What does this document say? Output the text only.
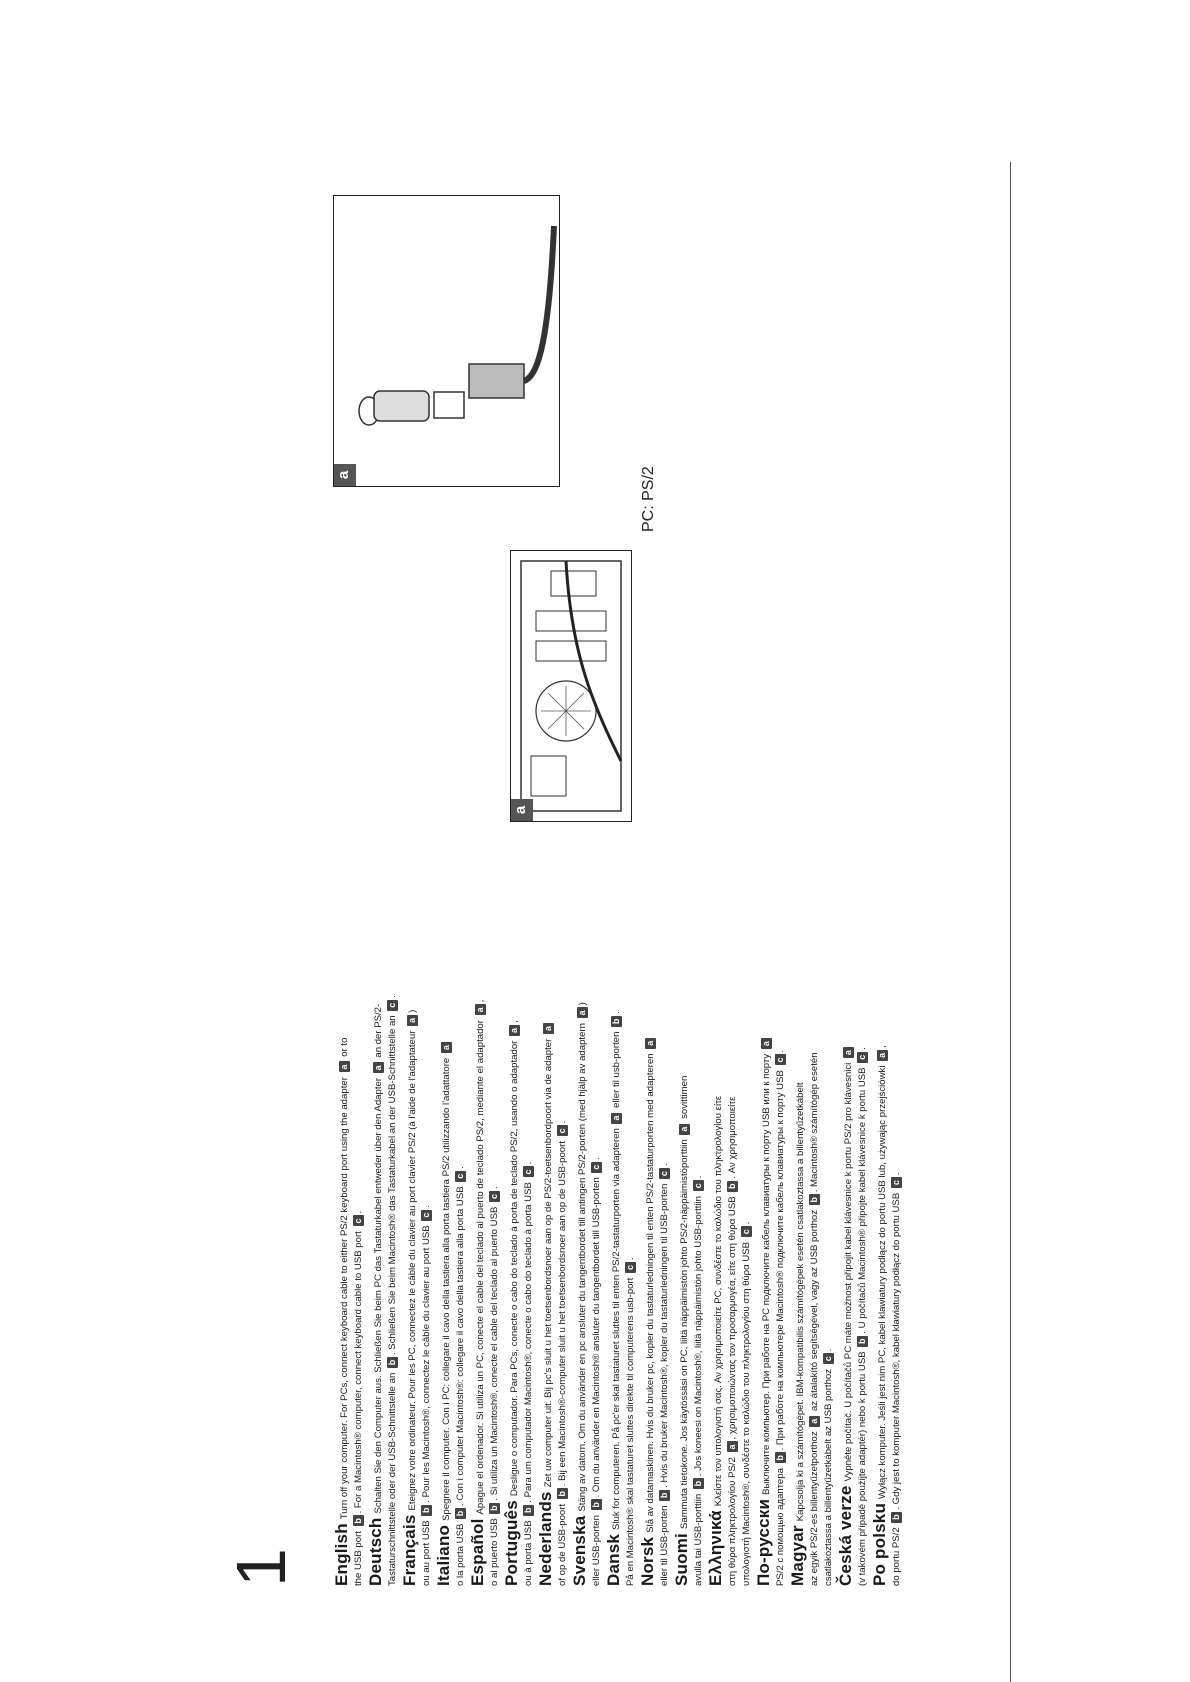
1 EnglishTurn off your computer. For PCs, connect keyboard cable to either PS/2 keyboard port using the adapter a or to
the USB port b. For a Macintosh® computer, connect keyboard cable to USB port c.
DeutschSchalten Sie den Computer aus. Schließen Sie beim PC das Tastaturkabel entweder über den Adapter a an der PS/2-
Tastaturschnittstelle oder der USB-Schnittstelle an b. Schließen Sie beim Macintosh® das Tastaturkabel an der USB-Schnittstelle an c.
FrançaisEteignez votre ordinateur. Pour les PC, connectez le câble du clavier au port clavier PS/2 (à l'aide de l'adaptateur a)
ou au port USB b. Pour les Macintosh®, connectez le câble du clavier au port USB c.
ItalianoSpegnere il computer. Con i PC: collegare il cavo della tastiera alla porta tastiera PS/2 utilizzando l'adattatore a
o la porta USB b. Con i computer Macintosh®: collegare il cavo della tastiera alla porta USB c.
EspañolApague el ordenador. Si utiliza un PC, conecte el cable del teclado al puerto de teclado PS/2, mediante el adaptador a,
o al puerto USB b. Si utiliza un Macintosh®, conecte el cable del teclado al puerto USB c.
PortuguêsDesligue o computador. Para PCs, conecte o cabo do teclado à porta de teclado PS/2, usando o adaptador a,
ou à porta USB b. Para um computador Macintosh®, conecte o cabo do teclado à porta USB c.
NederlandsZet uw computer uit. Bij pc's sluit u het toetsenbordsnoer aan op de PS/2-toetsenbordpoort via de adapter a
of op de USB-poort b. Bij een Macintosh®-computer sluit u het toetsenbordsnoer aan op de USB-poort c.
SvenskaStäng av datorn. Om du använder en pc ansluter du tangentbordet till antingen PS/2-porten (med hjälp av adaptern a)
eller USB-porten b. Om du använder en Macintosh® ansluter du tangentbordet till USB-porten c.
DanskSluk for computeren. På pc'er skal tastaturet sluttes til enten PS/2-tastaturporten via adapteren a eller til usb-porten b.
På en Macintosh® skal tastaturet sluttes direkte til computerens usb-port c.
NorskSlå av datamaskinen. Hvis du bruker pc, kopler du tastaturledningen til enten PS/2-tastaturporten med adapteren a
eller til USB-porten b. Hvis du bruker Macintosh®, kopler du tastaturledningen til USB-porten c.
SuomiSammuta tietokone. Jos käytössäsi on PC, liitä näppäimistön johto PS/2-näppäimistöporttiin a sovittimen
avulla tai USB-porttiin b. Jos koneesi on Macintosh®, liitä näppäimistön johto USB-porttiin c.
ΕλληνικάΚλείστε τον υπολογιστή σας. Αν χρησιμοποιείτε PC, συνδέστε το καλώδιο του πληκτρολογίου είτε
στη θύρα πληκτρολογίου PS/2 a, χρησιμοποιώντας τον προσαρμογέα, είτε στη θύρα USB b. Αν χρησιμοποιείτε
υπολογιστή Macintosh®, συνδέστε το καλώδιο του πληκτρολογίου στη θύρα USB c.
По-русскиВыключите компьютер. При работе на PC подключите кабель клавиатуры к порту USB или к порту a
PS/2 с помощью адаптера b. При работе на компьютере Macintosh® подключите кабель клавиатуры к порту USB c.
MagyarKapcsolja ki a számítógépet. IBM-kompatibilis számítógépek esetén csatlakoztassa a billentyűzetkábelt az egyik PS/2-es billentyűzetporthoz a az átalakító segítségével, vagy az USB porthoz b. Macintosh® számítógép esetén
csatlakoztassa a billentyűzetkábelt az USB porthoz c.
Česká verzeVypněte počítač. U počítačů PC máte možnost připojit kabel klávesnice k portu PS/2 pro klávesnici a
(v takovém případě použijte adaptér) nebo k portu USB b. U počítačů Macintosh® připojte kabel klávesnice k portu USB c.
Po polskuWyłącz komputer. Jeśli jest nim PC, kabel klawiatury podłącz do portu USB lub, używając przejściówki a,
do portu PS/2 b. Gdy jest to komputer Macintosh®, kabel klawiatury podłącz do portu USB c.
a
a	PC: PS/2
